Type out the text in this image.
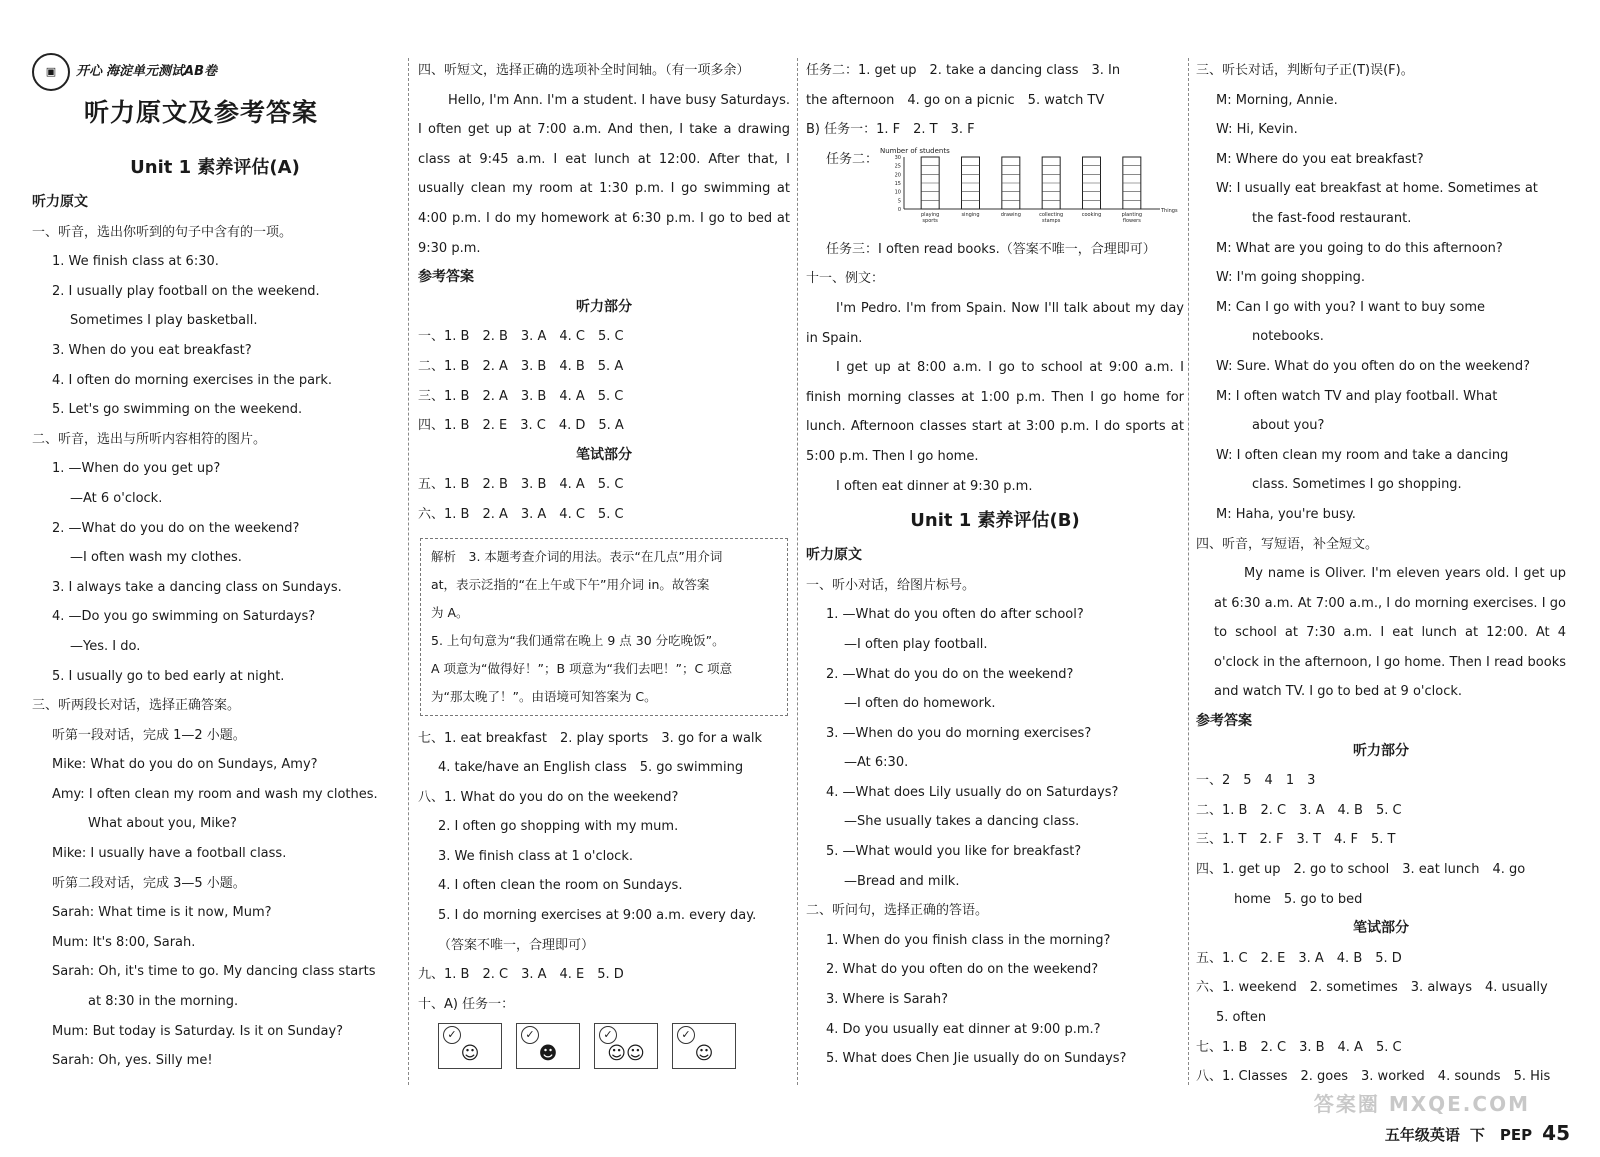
▣	开心 海淀单元测试AB卷
听力原文及参考答案
Unit 1 素养评估(A)
听力原文
一、听音，选出你听到的句子中含有的一项。
1. We finish class at 6:30.
2. I usually play football on the weekend.
Sometimes I play basketball.
3. When do you eat breakfast?
4. I often do morning exercises in the park.
5. Let's go swimming on the weekend.
二、听音，选出与所听内容相符的图片。
1. —When do you get up?
—At 6 o'clock.
2. —What do you do on the weekend?
—I often wash my clothes.
3. I always take a dancing class on Sundays.
4. —Do you go swimming on Saturdays?
—Yes. I do.
5. I usually go to bed early at night.
三、听两段长对话，选择正确答案。
听第一段对话，完成 1—2 小题。
Mike: What do you do on Sundays, Amy?
Amy: I often clean my room and wash my clothes.
What about you, Mike?
Mike: I usually have a football class.
听第二段对话，完成 3—5 小题。
Sarah: What time is it now, Mum?
Mum: It's 8:00, Sarah.
Sarah: Oh, it's time to go. My dancing class starts
at 8:30 in the morning.
Mum: But today is Saturday. Is it on Sunday?
Sarah: Oh, yes. Silly me!
四、听短文，选择正确的选项补全时间轴。（有一项多余）
Hello, I'm Ann. I'm a student. I have busy Saturdays. I often get up at 7:00 a.m. And then, I take a drawing class at 9:45 a.m. I eat lunch at 12:00. After that, I usually clean my room at 1:30 p.m. I go swimming at 4:00 p.m. I do my homework at 6:30 p.m. I go to bed at 9:30 p.m.
参考答案
听力部分
一、1. B　2. B　3. A　4. C　5. C
二、1. B　2. A　3. B　4. B　5. A
三、1. B　2. A　3. B　4. A　5. C
四、1. B　2. E　3. C　4. D　5. A
笔试部分
五、1. B　2. B　3. B　4. A　5. C
六、1. B　2. A　3. A　4. C　5. C
解析　3. 本题考查介词的用法。表示“在几点”用介词
at，表示泛指的“在上午或下午”用介词 in。故答案
为 A。
5. 上句句意为“我们通常在晚上 9 点 30 分吃晚饭”。
A 项意为“做得好！”；B 项意为“我们去吧！”；C 项意
为“那太晚了！”。由语境可知答案为 C。
七、1. eat breakfast　2. play sports　3. go for a walk
4. take/have an English class　5. go swimming
八、1. What do you do on the weekend?
2. I often go shopping with my mum.
3. We finish class at 1 o'clock.
4. I often clean the room on Sundays.
5. I do morning exercises at 9:00 a.m. every day.
（答案不唯一，合理即可）
九、1. B　2. C　3. A　4. E　5. D
十、A) 任务一：
✓
☺
✓
☻
✓
☺☺
✓
☺
任务二：1. get up　2. take a dancing class　3. In
the afternoon　4. go on a picnic　5. watch TV
B) 任务一：1. F　2. T　3. F
任务二：
Number of students
0
5
10
15
20
25
30
playing
sports
singing	drawing	collecting
stamps
cooking	planting
flowers
Things
任务三：I often read books.（答案不唯一，合理即可）
十一、例文：
I'm Pedro. I'm from Spain. Now I'll talk about my day in Spain.
I get up at 8:00 a.m. I go to school at 9:00 a.m. I finish morning classes at 1:00 p.m. Then I go home for lunch. Afternoon classes start at 3:00 p.m. I do sports at 5:00 p.m. Then I go home.
I often eat dinner at 9:30 p.m.
Unit 1 素养评估(B)
听力原文
一、听小对话，给图片标号。
1. —What do you often do after school?
—I often play football.
2. —What do you do on the weekend?
—I often do homework.
3. —When do you do morning exercises?
—At 6:30.
4. —What does Lily usually do on Saturdays?
—She usually takes a dancing class.
5. —What would you like for breakfast?
—Bread and milk.
二、听问句，选择正确的答语。
1. When do you finish class in the morning?
2. What do you often do on the weekend?
3. Where is Sarah?
4. Do you usually eat dinner at 9:00 p.m.?
5. What does Chen Jie usually do on Sundays?
三、听长对话，判断句子正(T)误(F)。
M: Morning, Annie.
W: Hi, Kevin.
M: Where do you eat breakfast?
W: I usually eat breakfast at home. Sometimes at
the fast-food restaurant.
M: What are you going to do this afternoon?
W: I'm going shopping.
M: Can I go with you? I want to buy some
notebooks.
W: Sure. What do you often do on the weekend?
M: I often watch TV and play football. What
about you?
W: I often clean my room and take a dancing
class. Sometimes I go shopping.
M: Haha, you're busy.
四、听音，写短语，补全短文。
My name is Oliver. I'm eleven years old. I get up at 6:30 a.m. At 7:00 a.m., I do morning exercises. I go to school at 7:30 a.m. I eat lunch at 12:00. At 4 o'clock in the afternoon, I go home. Then I read books and watch TV. I go to bed at 9 o'clock.
参考答案
听力部分
一、2　5　4　1　3
二、1. B　2. C　3. A　4. B　5. C
三、1. T　2. F　3. T　4. F　5. T
四、1. get up　2. go to school　3. eat lunch　4. go
home　5. go to bed
笔试部分
五、1. C　2. E　3. A　4. B　5. D
六、1. weekend　2. sometimes　3. always　4. usually
5. often
七、1. B　2. C　3. B　4. A　5. C
八、1. Classes　2. goes　3. worked　4. sounds　5. His
答案圈 MXQE.COM
五年级英语 下　PEP 45
